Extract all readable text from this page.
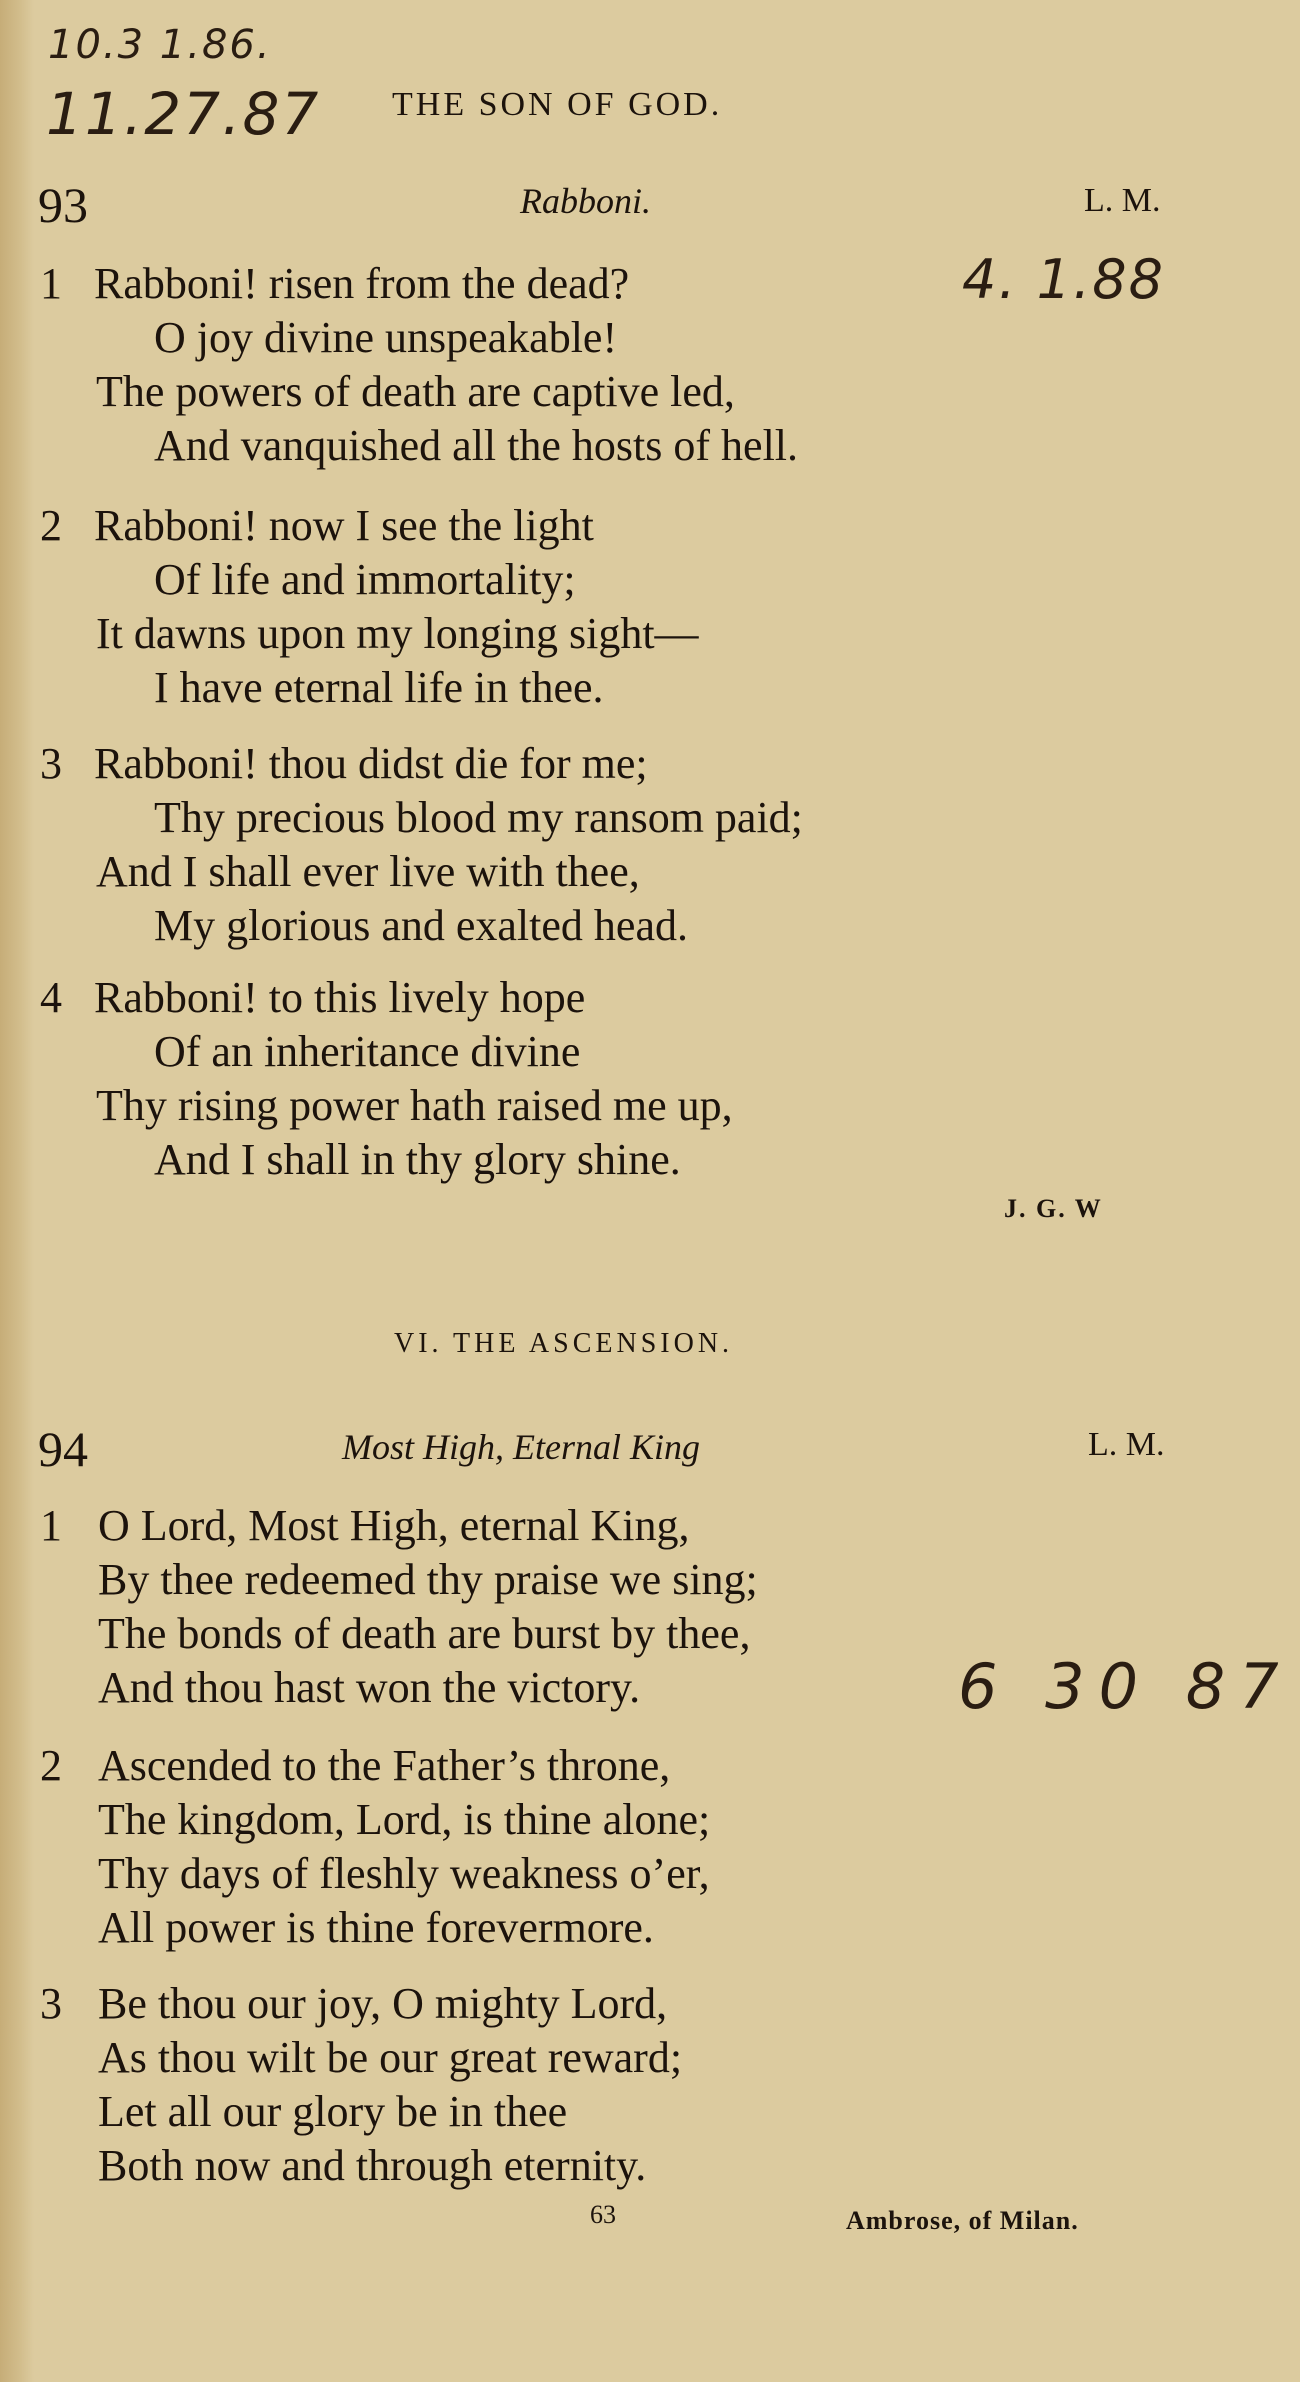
10.3 1.86.
11.27.87
4. 1.88
6 30 87
THE SON OF GOD.
93	Rabboni.	L. M.
1 Rabboni! risen from the dead?
O joy divine unspeakable!
The powers of death are captive led,
And vanquished all the hosts of hell.
2 Rabboni! now I see the light
Of life and immortality;
It dawns upon my longing sight—
I have eternal life in thee.
3 Rabboni! thou didst die for me;
Thy precious blood my ransom paid;
And I shall ever live with thee,
My glorious and exalted head.
4 Rabboni! to this lively hope
Of an inheritance divine
Thy rising power hath raised me up,
And I shall in thy glory shine.
J. G. W
VI. THE ASCENSION.
94	Most High, Eternal King	L. M.
1 O Lord, Most High, eternal King,
By thee redeemed thy praise we sing;
The bonds of death are burst by thee,
And thou hast won the victory.
2 Ascended to the Father’s throne,
The kingdom, Lord, is thine alone;
Thy days of fleshly weakness o’er,
All power is thine forevermore.
3 Be thou our joy, O mighty Lord,
As thou wilt be our great reward;
Let all our glory be in thee
Both now and through eternity.
63	Ambrose, of Milan.
